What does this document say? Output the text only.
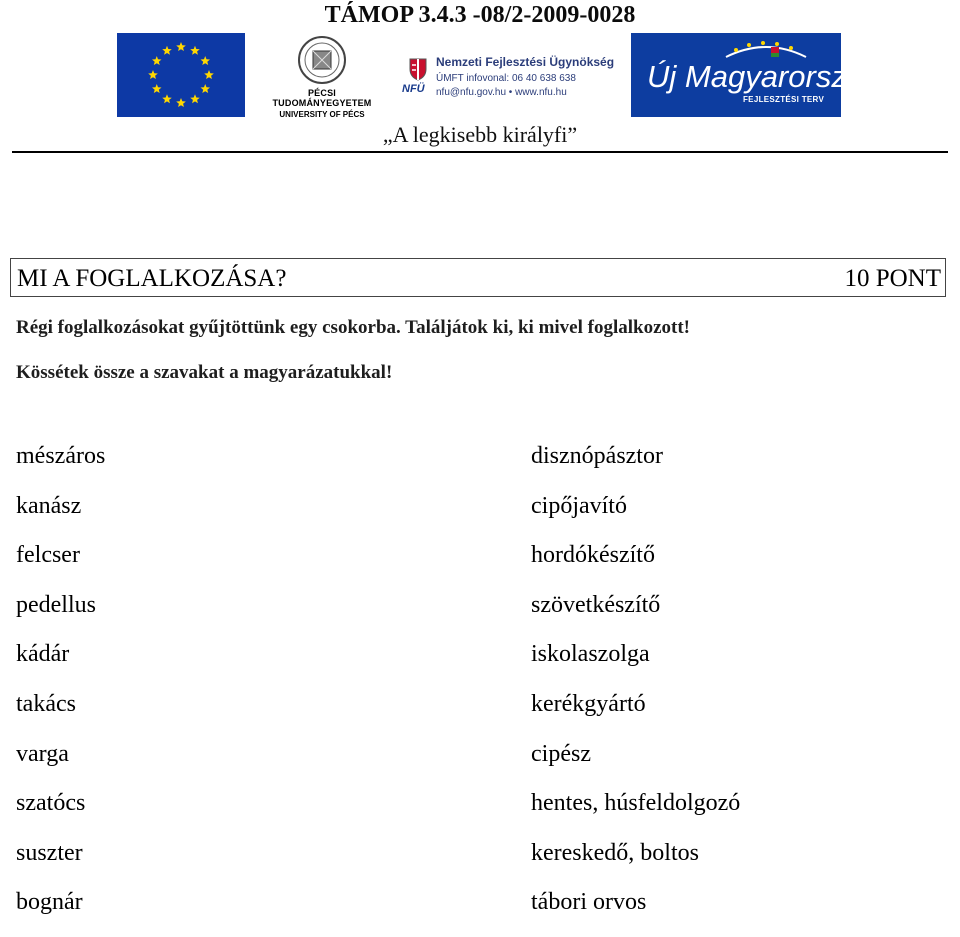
TÁMOP 3.4.3 -08/2-2009-0028
PÉCSI TUDOMÁNYEGYETEM
UNIVERSITY OF PÉCS
NFÜ
Nemzeti Fejlesztési Ügynökség
ÚMFT infovonal: 06 40 638 638
nfu@nfu.gov.hu • www.nfu.hu	Új Magyarország
FEJLESZTÉSI TERV
„A legkisebb királyfi”
MI A FOGLALKOZÁSA?	10 PONT
Régi foglalkozásokat gyűjtöttünk egy csokorba. Találjátok ki, ki mivel foglalkozott!
Kössétek össze a szavakat a magyarázatukkal!
mészáros
kanász
felcser
pedellus
kádár
takács
varga
szatócs
suszter
bognár
disznópásztor
cipőjavító
hordókészítő
szövetkészítő
iskolaszolga
kerékgyártó
cipész
hentes, húsfeldolgozó
kereskedő, boltos
tábori orvos
